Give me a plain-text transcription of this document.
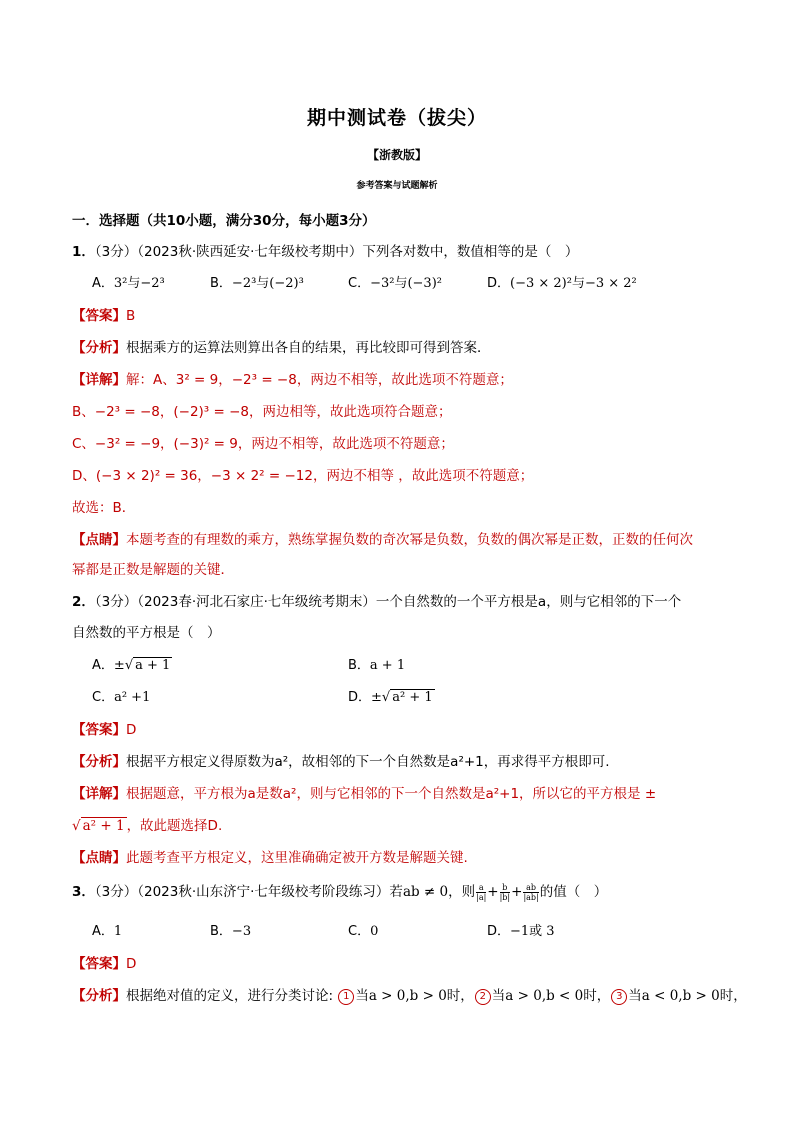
期中测试卷（拔尖）
【浙教版】
参考答案与试题解析
一．选择题（共10小题，满分30分，每小题3分）
1．（3分）（2023秋·陕西延安·七年级校考期中）下列各对数中，数值相等的是（　）
A．3²与−2³	B．−2³与(−2)³	C．−3²与(−3)²	D．(−3 × 2)²与−3 × 2²
【答案】B
【分析】根据乘方的运算法则算出各自的结果，再比较即可得到答案．
【详解】解：A、3² = 9，−2³ = −8，两边不相等，故此选项不符题意；
B、−2³ = −8，(−2)³ = −8，两边相等，故此选项符合题意；
C、−3² = −9，(−3)² = 9，两边不相等，故此选项不符题意；
D、(−3 × 2)² = 36，−3 × 2² = −12，两边不相等 ，故此选项不符题意；
故选：B．
【点睛】本题考查的有理数的乘方，熟练掌握负数的奇次幂是负数，负数的偶次幂是正数，正数的任何次
幂都是正数是解题的关键．
2．（3分）（2023春·河北石家庄·七年级统考期末）一个自然数的一个平方根是a，则与它相邻的下一个
自然数的平方根是（　）
A．±√ a + 1	B．a + 1
C．a² +1	D．±√ a² + 1
【答案】D
【分析】根据平方根定义得原数为a²，故相邻的下一个自然数是a²+1，再求得平方根即可.
【详解】根据题意，平方根为a是数a²，则与它相邻的下一个自然数是a²+1，所以它的平方根是 ±
√ a² + 1 ，故此题选择D.
【点睛】此题考查平方根定义，这里准确确定被开方数是解题关键.
3．（3分）（2023秋·山东济宁·七年级校考阶段练习）若ab ≠ 0，则 $\frac{a}{|a|} + \frac{b}{|b|} + \frac{ab}{|ab|}$ 的值（　）
A．1	B．−3	C．0	D．−1或 3
【答案】D
【分析】根据绝对值的定义，进行分类讨论: 1 当a > 0,b > 0时， 2 当a > 0,b < 0时， 3 当a < 0,b > 0时，
